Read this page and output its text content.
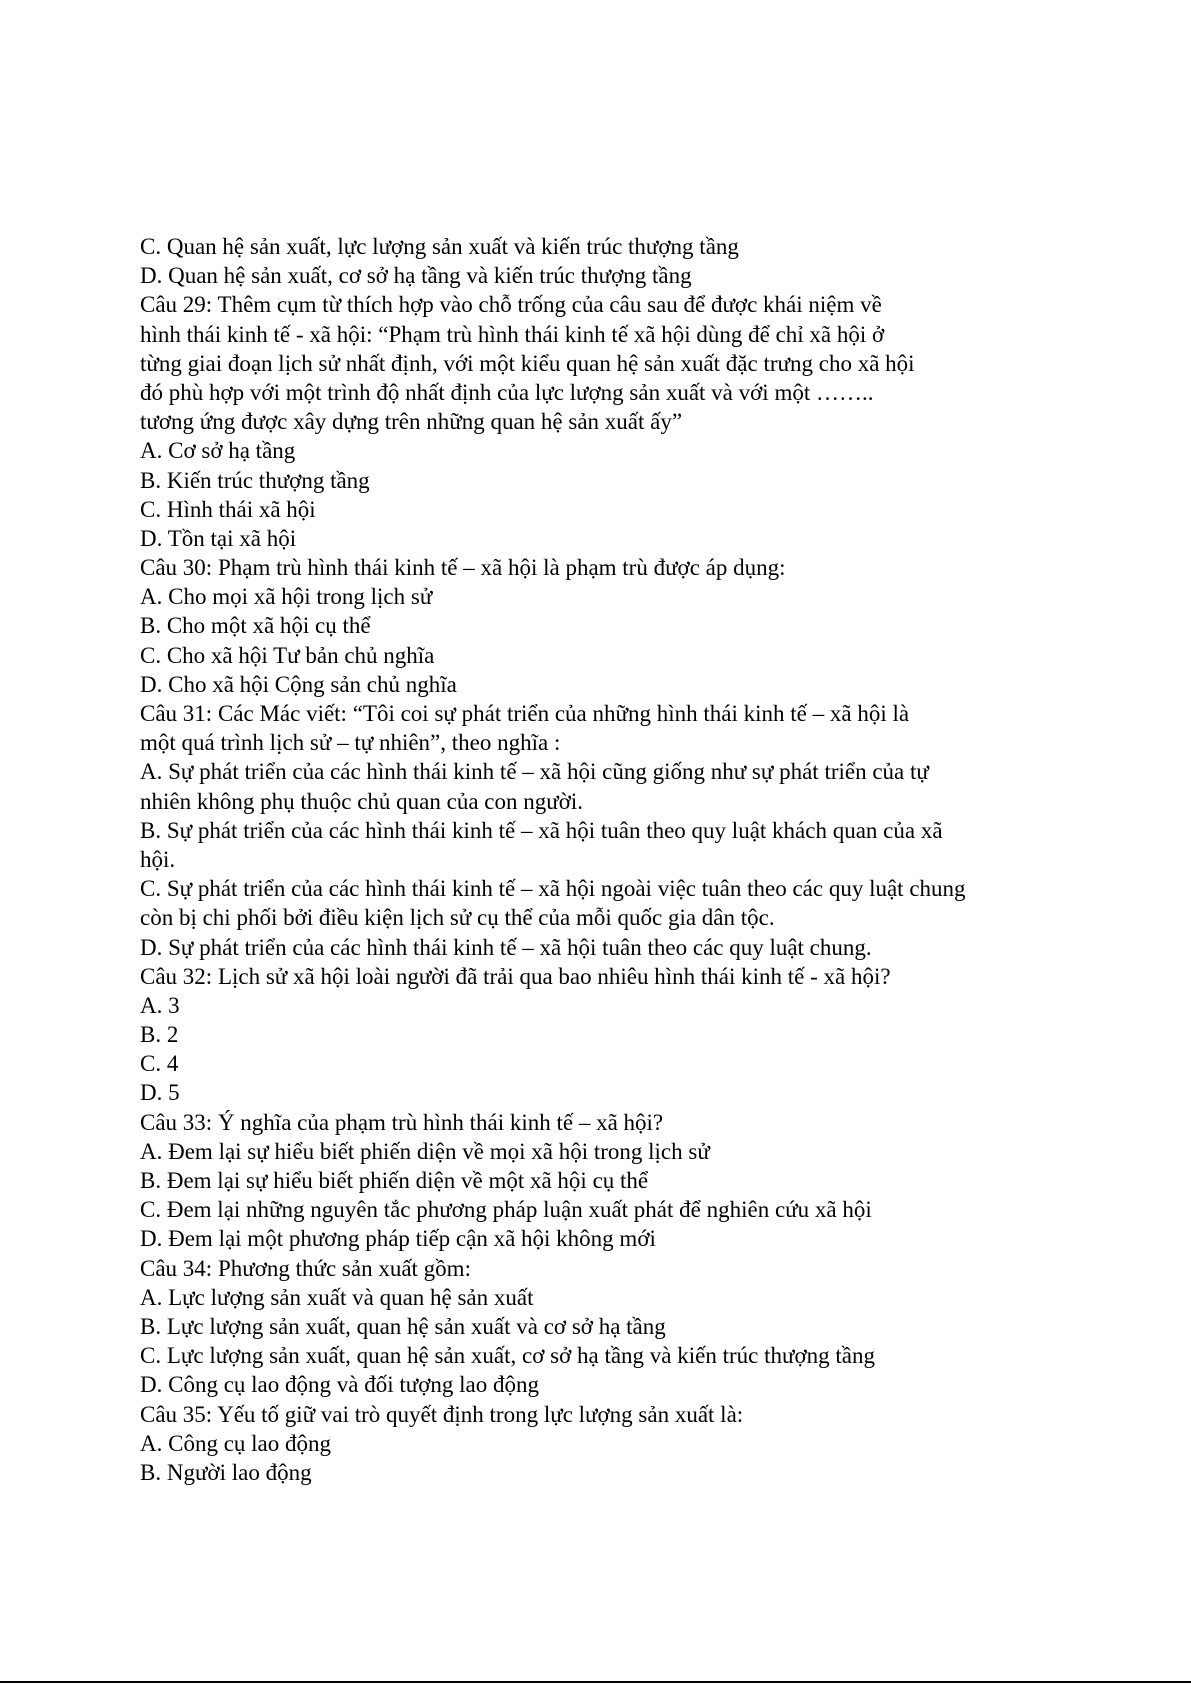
C. Quan hệ sản xuất, lực lượng sản xuất và kiến trúc thượng tầng
D. Quan hệ sản xuất, cơ sở hạ tầng và kiến trúc thượng tầng
Câu 29: Thêm cụm từ thích hợp vào chỗ trống của câu sau để được khái niệm về
hình thái kinh tế - xã hội: “Phạm trù hình thái kinh tế xã hội dùng để chỉ xã hội ở
từng giai đoạn lịch sử nhất định, với một kiểu quan hệ sản xuất đặc trưng cho xã hội
đó phù hợp với một trình độ nhất định của lực lượng sản xuất và với một ……..
tương ứng được xây dựng trên những quan hệ sản xuất ấy”
A. Cơ sở hạ tầng
B. Kiến trúc thượng tầng
C. Hình thái xã hội
D. Tồn tại xã hội
Câu 30: Phạm trù hình thái kinh tế – xã hội là phạm trù được áp dụng:
A. Cho mọi xã hội trong lịch sử
B. Cho một xã hội cụ thể
C. Cho xã hội Tư bản chủ nghĩa
D. Cho xã hội Cộng sản chủ nghĩa
Câu 31: Các Mác viết: “Tôi coi sự phát triển của những hình thái kinh tế – xã hội là
một quá trình lịch sử – tự nhiên”, theo nghĩa :
A. Sự phát triển của các hình thái kinh tế – xã hội cũng giống như sự phát triển của tự
nhiên không phụ thuộc chủ quan của con người.
B. Sự phát triển của các hình thái kinh tế – xã hội tuân theo quy luật khách quan của xã
hội.
C. Sự phát triển của các hình thái kinh tế – xã hội ngoài việc tuân theo các quy luật chung
còn bị chi phối bởi điều kiện lịch sử cụ thể của mỗi quốc gia dân tộc.
D. Sự phát triển của các hình thái kinh tế – xã hội tuân theo các quy luật chung.
Câu 32: Lịch sử xã hội loài người đã trải qua bao nhiêu hình thái kinh tế - xã hội?
A. 3
B. 2
C. 4
D. 5
Câu 33: Ý nghĩa của phạm trù hình thái kinh tế – xã hội?
A. Đem lại sự hiểu biết phiến diện về mọi xã hội trong lịch sử
B. Đem lại sự hiểu biết phiến diện về một xã hội cụ thể
C. Đem lại những nguyên tắc phương pháp luận xuất phát để nghiên cứu xã hội
D. Đem lại một phương pháp tiếp cận xã hội không mới
Câu 34: Phương thức sản xuất gồm:
A. Lực lượng sản xuất và quan hệ sản xuất
B. Lực lượng sản xuất, quan hệ sản xuất và cơ sở hạ tầng
C. Lực lượng sản xuất, quan hệ sản xuất, cơ sở hạ tầng và kiến trúc thượng tầng
D. Công cụ lao động và đối tượng lao động
Câu 35: Yếu tố giữ vai trò quyết định trong lực lượng sản xuất là:
A. Công cụ lao động
B. Người lao động
